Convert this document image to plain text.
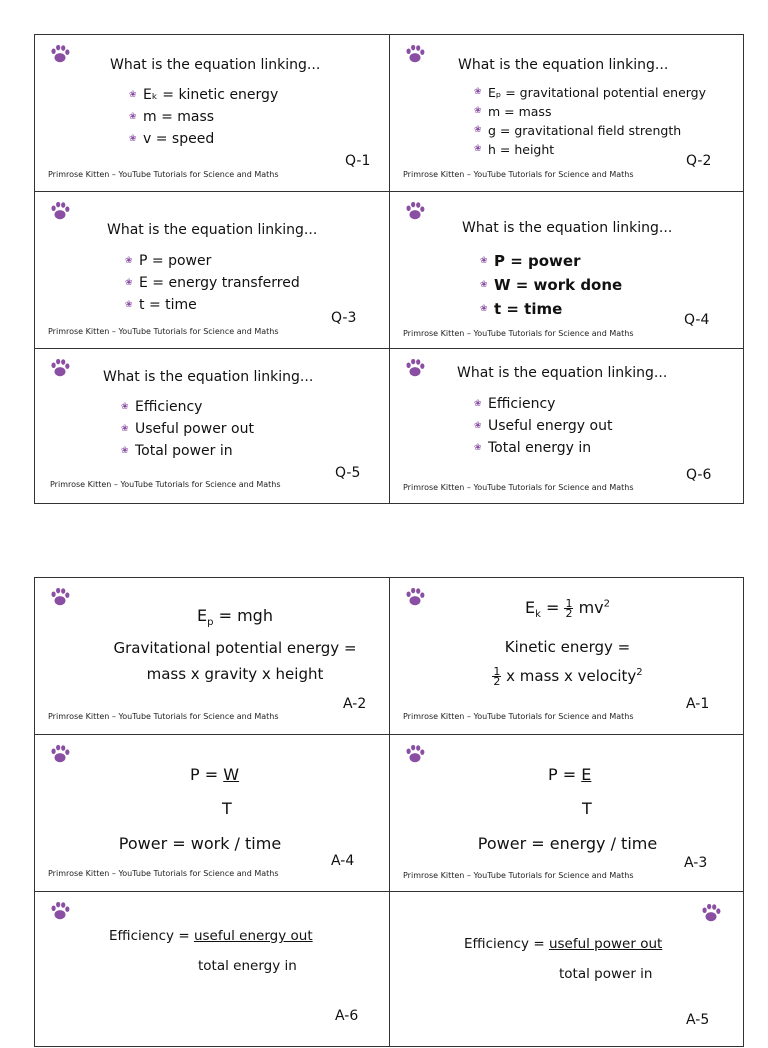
What is the equation linking...
❀ Eₖ = kinetic energy
❀ m = mass
❀ v = speed
Primrose Kitten – YouTube Tutorials for Science and Maths
Q-1
What is the equation linking...
❀ Eₚ = gravitational potential energy
❀ m = mass
❀ g = gravitational field strength
❀ h = height
Primrose Kitten – YouTube Tutorials for Science and Maths
Q-2
What is the equation linking...
❀ P = power
❀ E = energy transferred
❀ t = time
Primrose Kitten – YouTube Tutorials for Science and Maths
Q-3
What is the equation linking...
❀ P = power
❀ W = work done
❀ t = time
Primrose Kitten – YouTube Tutorials for Science and Maths
Q-4
What is the equation linking...
❀ Efficiency
❀ Useful power out
❀ Total power in
Primrose Kitten – YouTube Tutorials for Science and Maths
Q-5
What is the equation linking...
❀ Efficiency
❀ Useful energy out
❀ Total energy in
Primrose Kitten – YouTube Tutorials for Science and Maths
Q-6
$E_p$ = mgh
Gravitational potential energy =
mass x gravity x height
Primrose Kitten – YouTube Tutorials for Science and Maths
A-2
$E_k = \frac{1}{2} mv^2$
Kinetic energy =
$\frac{1}{2}$ x mass x velocity$^2$
Primrose Kitten – YouTube Tutorials for Science and Maths
A-1
P = W
T
Power = work / time
Primrose Kitten – YouTube Tutorials for Science and Maths
A-4
P = E
T
Power = energy / time
Primrose Kitten – YouTube Tutorials for Science and Maths
A-3
Efficiency = useful energy out
total energy in
A-6
Efficiency = useful power out
total power in
A-5
